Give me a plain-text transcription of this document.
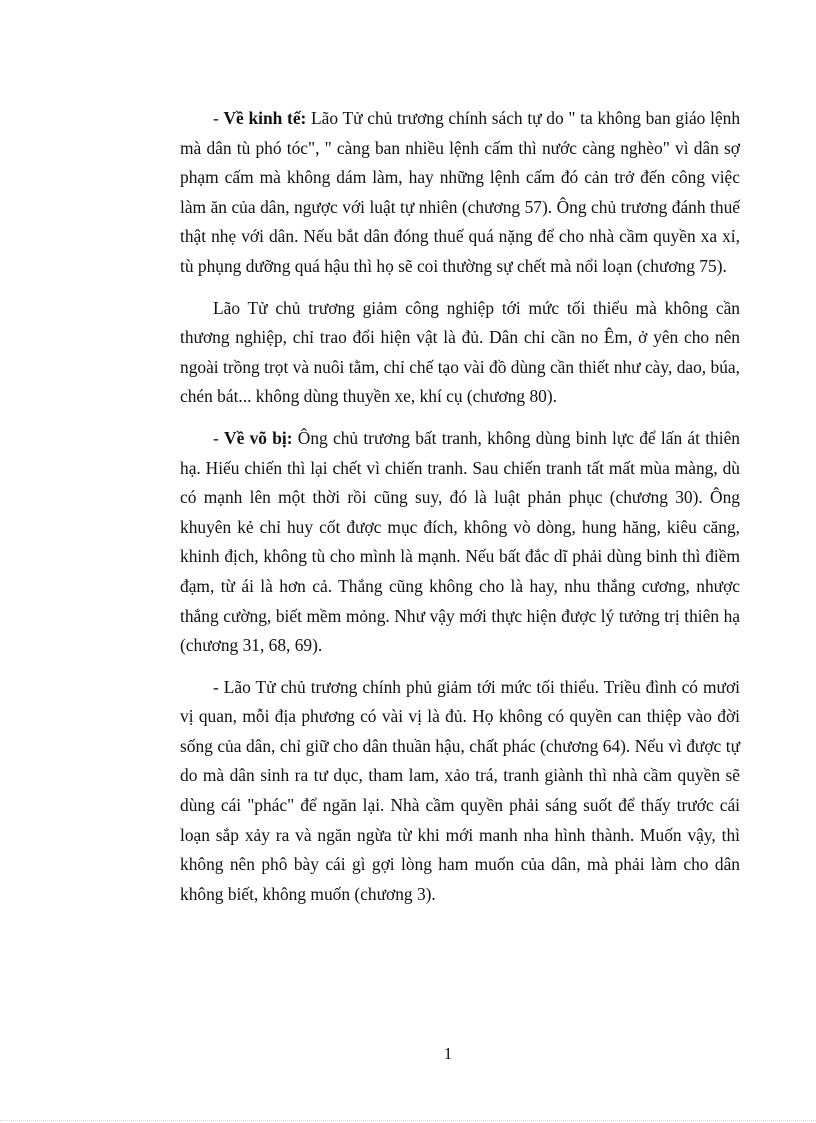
- Về kinh tế: Lão Tử chủ trương chính sách tự do " ta không ban giáo lệnh mà dân tù phó tóc", " càng ban nhiều lệnh cấm thì nước càng nghèo" vì dân sợ phạm cấm mà không dám làm, hay những lệnh cấm đó cản trở đến công việc làm ăn của dân, ngược với luật tự nhiên (chương 57). Ông chủ trương đánh thuế thật nhẹ với dân. Nếu bắt dân đóng thuế quá nặng để cho nhà cầm quyền xa xỉ, tù phụng dưỡng quá hậu thì họ sẽ coi thường sự chết mà nổi loạn (chương 75).

Lão Tử chủ trương giảm công nghiệp tới mức tối thiểu mà không cần thương nghiệp, chỉ trao đổi hiện vật là đủ. Dân chỉ cần no Êm, ở yên cho nên ngoài trồng trọt và nuôi tằm, chỉ chế tạo vài đồ dùng cần thiết như cày, dao, búa, chén bát... không dùng thuyền xe, khí cụ (chương 80).

- Về võ bị: Ông chủ trương bất tranh, không dùng binh lực để lấn át thiên hạ. Hiếu chiến thì lại chết vì chiến tranh. Sau chiến tranh tất mất mùa màng, dù có mạnh lên một thời rồi cũng suy, đó là luật phản phục (chương 30). Ông khuyên kẻ chỉ huy cốt được mục đích, không vò dòng, hung hăng, kiêu căng, khinh địch, không tù cho mình là mạnh. Nếu bất đắc dĩ phải dùng binh thì điềm đạm, từ ái là hơn cả. Thắng cũng không cho là hay, nhu thắng cương, nhược thắng cường, biết mềm mỏng. Như vậy mới thực hiện được lý tưởng trị thiên hạ (chương 31, 68, 69).

- Lão Tử chủ trương chính phủ giảm tới mức tối thiểu. Triều đình có mươi vị quan, mỗi địa phương có vài vị là đủ. Họ không có quyền can thiệp vào đời sống của dân, chỉ giữ cho dân thuần hậu, chất phác (chương 64). Nếu vì được tự do mà dân sinh ra tư dục, tham lam, xảo trá, tranh giành thì nhà cầm quyền sẽ dùng cái "phác" để ngăn lại. Nhà cầm quyền phải sáng suốt để thấy trước cái loạn sắp xảy ra và ngăn ngừa từ khi mới manh nha hình thành. Muốn vậy, thì không nên phô bày cái gì gợi lòng ham muốn của dân, mà phải làm cho dân không biết, không muốn (chương 3).

1
